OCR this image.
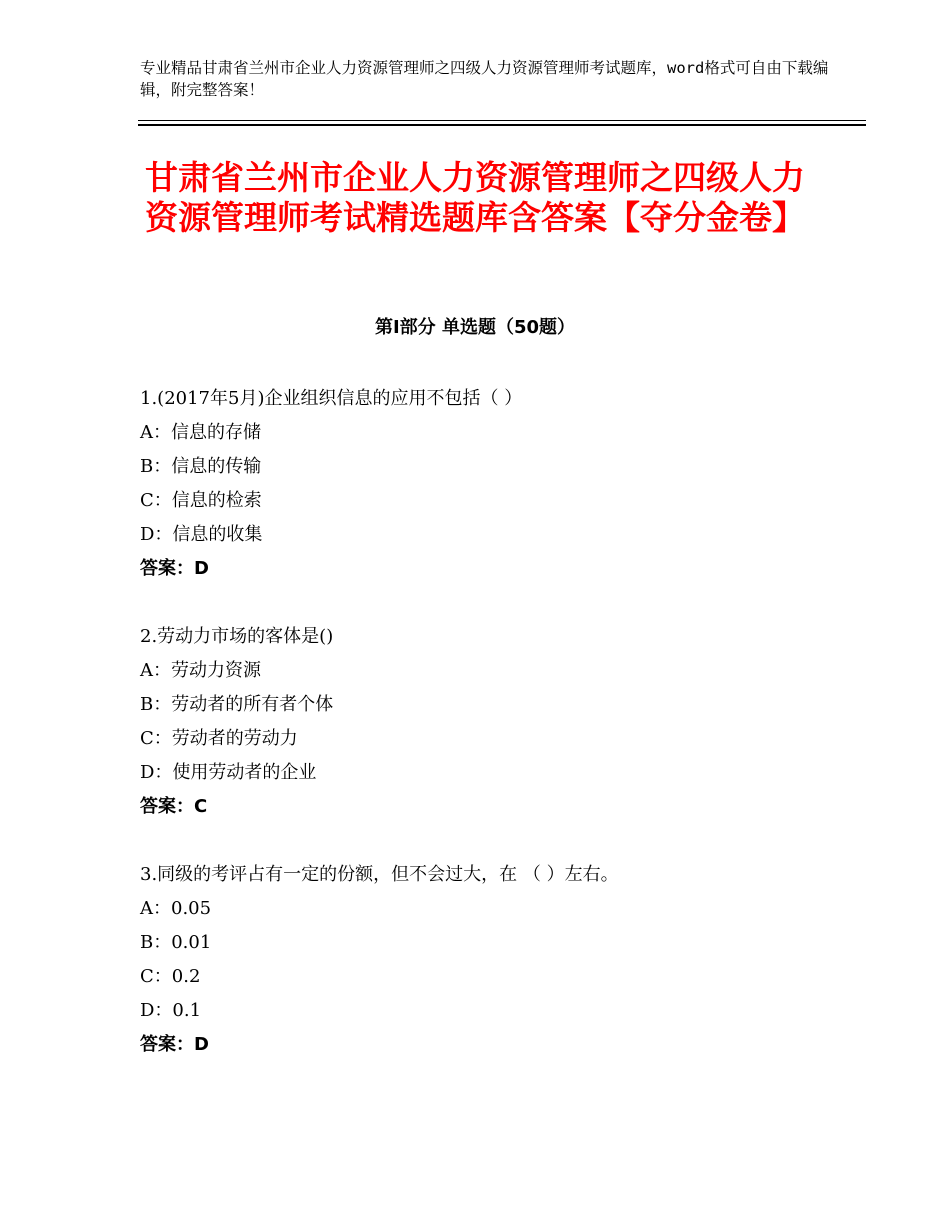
专业精品甘肃省兰州市企业人力资源管理师之四级人力资源管理师考试题库，word格式可自由下载编辑，附完整答案！
甘肃省兰州市企业人力资源管理师之四级人力资源管理师考试精选题库含答案【夺分金卷】
第Ⅰ部分 单选题（50题）
1.(2017年5月)企业组织信息的应用不包括（ ）
A：信息的存储
B：信息的传输
C：信息的检索
D：信息的收集
答案：D
2.劳动力市场的客体是()
A：劳动力资源
B：劳动者的所有者个体
C：劳动者的劳动力
D：使用劳动者的企业
答案：C
3.同级的考评占有一定的份额，但不会过大，在 （ ）左右。
A：0.05
B：0.01
C：0.2
D：0.1
答案：D
